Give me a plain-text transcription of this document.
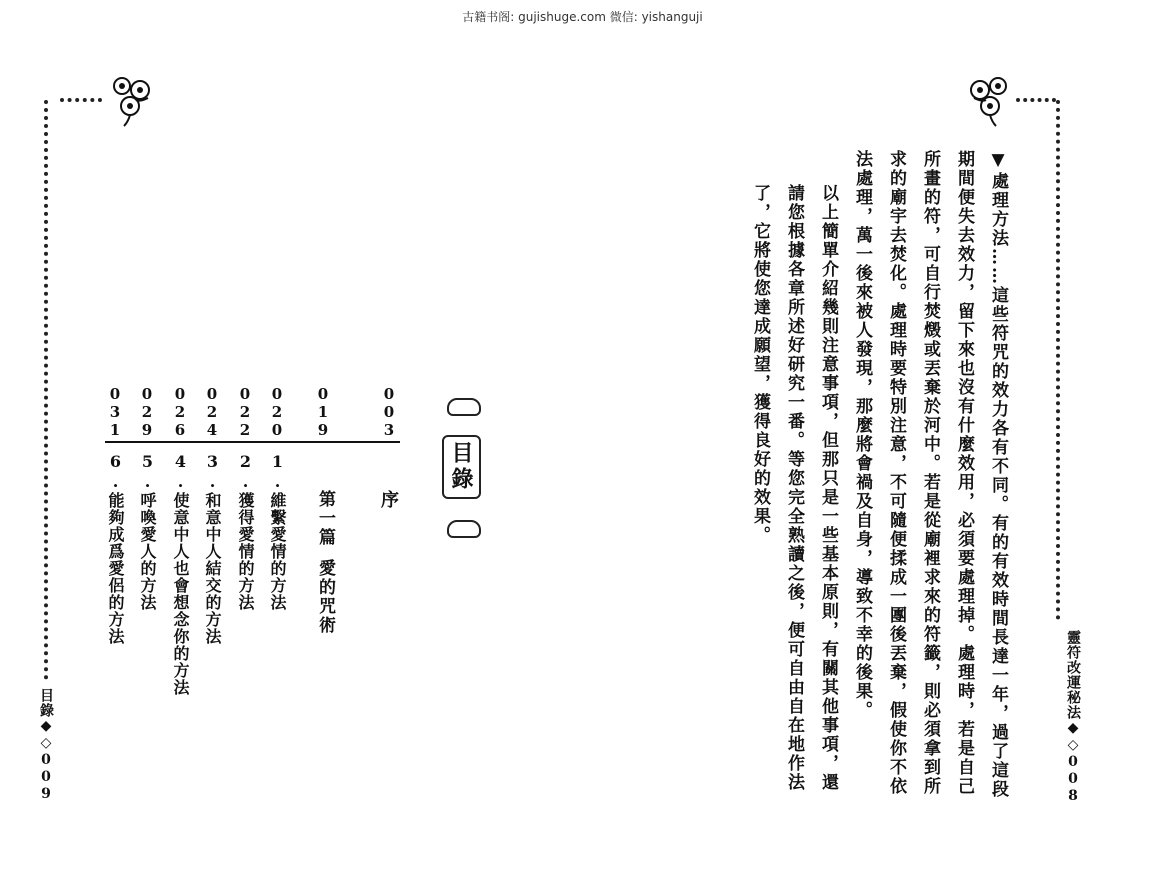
古籍书阁: gujishuge.com 微信: yishanguji

▼處理方法……這些符咒的效力各有不同。有的有效時間長達一年，過了這段期間便失去效力，留下來也沒有什麼效用，必須要處理掉。處理時，若是自己所畫的符，可自行焚燬或丟棄於河中。若是從廟裡求來的符籤，則必須拿到所求的廟宇去焚化。處理時要特別注意，不可隨便揉成一團後丟棄，假使你不依法處理，萬一後來被人發現，那麼將會禍及自身，導致不幸的後果。

以上簡單介紹幾則注意事項，但那只是一些基本原則，有關其他事項，還請您根據各章所述好研究一番。等您完全熟讀之後，便可自由自在地作法了，它將使您達成願望，獲得良好的效果。

靈符改運秘法◆◇008
目錄◆◇009
目錄
003
序
019
第一篇愛的咒術
020
1.維繫愛情的方法
022
2.獲得愛情的方法
024
3.和意中人結交的方法
026
4.使意中人也會想念你的方法
029
5.呼喚愛人的方法
031
6.能夠成爲愛侶的方法
